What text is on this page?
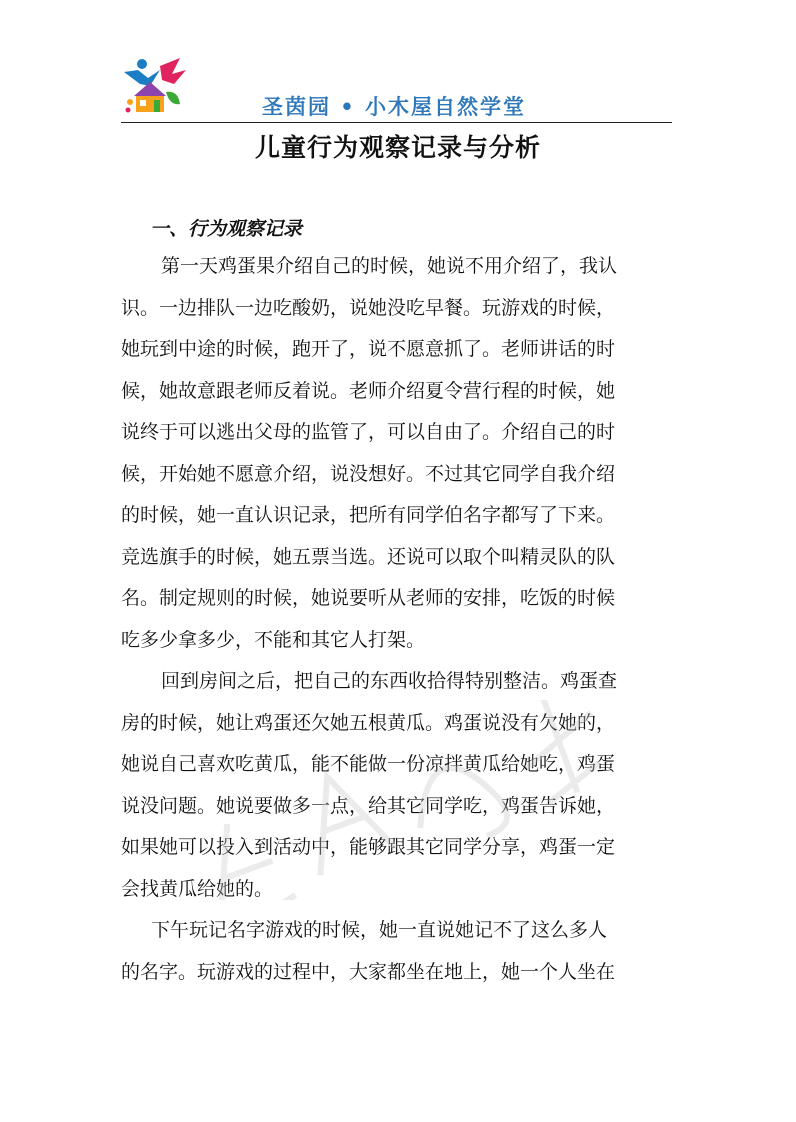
圣茵园 • 小木屋自然学堂
儿童行为观察记录与分析
一、行为观察记录
第一天鸡蛋果介绍自己的时候，她说不用介绍了，我认
识。一边排队一边吃酸奶，说她没吃早餐。玩游戏的时候，
她玩到中途的时候，跑开了，说不愿意抓了。老师讲话的时
候，她故意跟老师反着说。老师介绍夏令营行程的时候，她
说终于可以逃出父母的监管了，可以自由了。介绍自己的时
候，开始她不愿意介绍，说没想好。不过其它同学自我介绍
的时候，她一直认识记录，把所有同学伯名字都写了下来。
竞选旗手的时候，她五票当选。还说可以取个叫精灵队的队
名。制定规则的时候，她说要听从老师的安排，吃饭的时候
吃多少拿多少，不能和其它人打架。
回到房间之后，把自己的东西收拾得特别整洁。鸡蛋查
房的时候，她让鸡蛋还欠她五根黄瓜。鸡蛋说没有欠她的，
她说自己喜欢吃黄瓜，能不能做一份凉拌黄瓜给她吃，鸡蛋
说没问题。她说要做多一点，给其它同学吃，鸡蛋告诉她，
如果她可以投入到活动中，能够跟其它同学分享，鸡蛋一定
会找黄瓜给她的。
下午玩记名字游戏的时候，她一直说她记不了这么多人
的名字。玩游戏的过程中，大家都坐在地上，她一个人坐在
